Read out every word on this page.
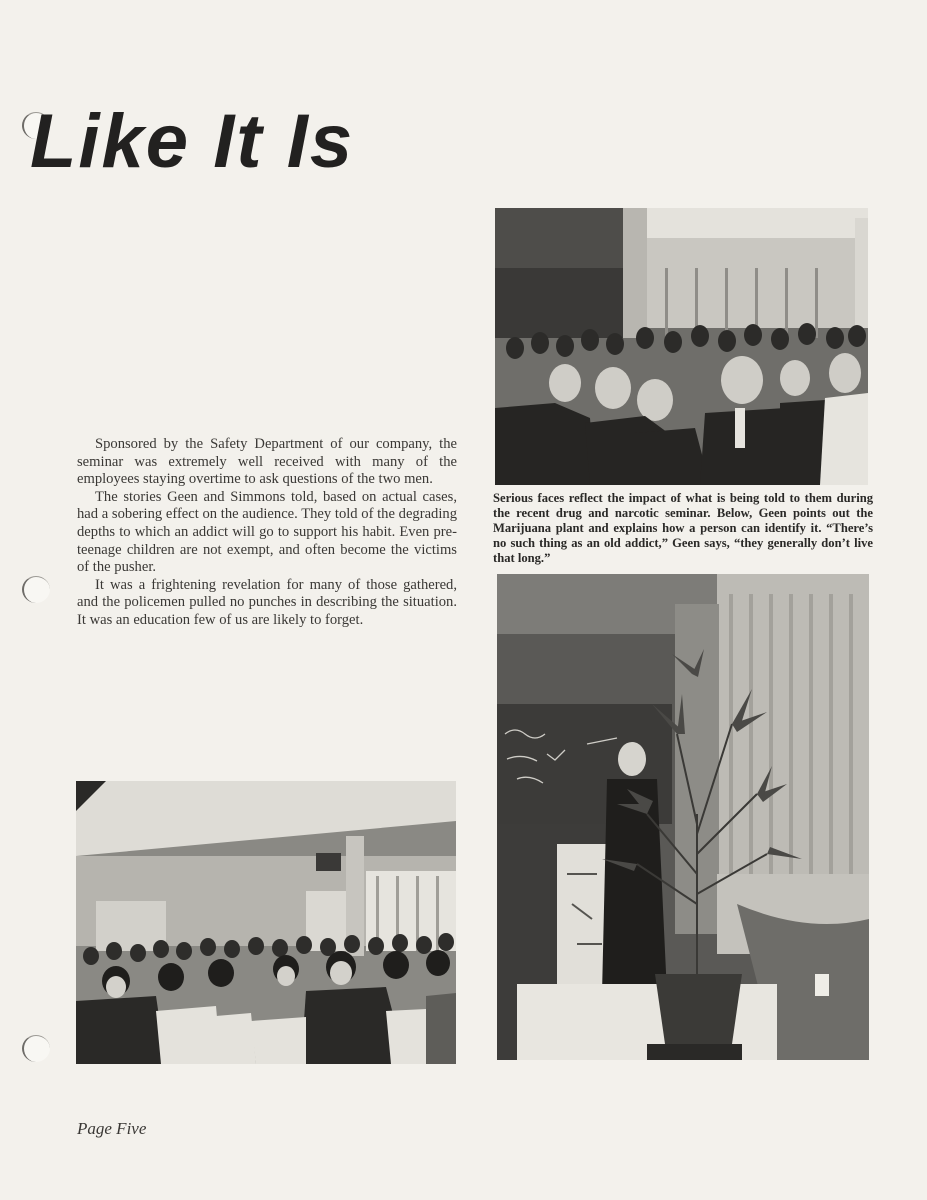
Like It Is

Sponsored by the Safety Department of our company, the seminar was extremely well received with many of the employees staying overtime to ask questions of the two men.

The stories Geen and Simmons told, based on actual cases, had a sobering effect on the audience. They told of the degrading depths to which an addict will go to support his habit. Even pre-teenage children are not exempt, and often become the victims of the pusher.

It was a frightening revelation for many of those gathered, and the policemen pulled no punches in describing the situation. It was an education few of us are likely to forget.

Serious faces reflect the impact of what is being told to them during the recent drug and narcotic seminar. Below, Geen points out the Marijuana plant and explains how a person can identify it. “There’s no such thing as an old addict,” Geen says, “they generally don’t live that long.”
Page Five
